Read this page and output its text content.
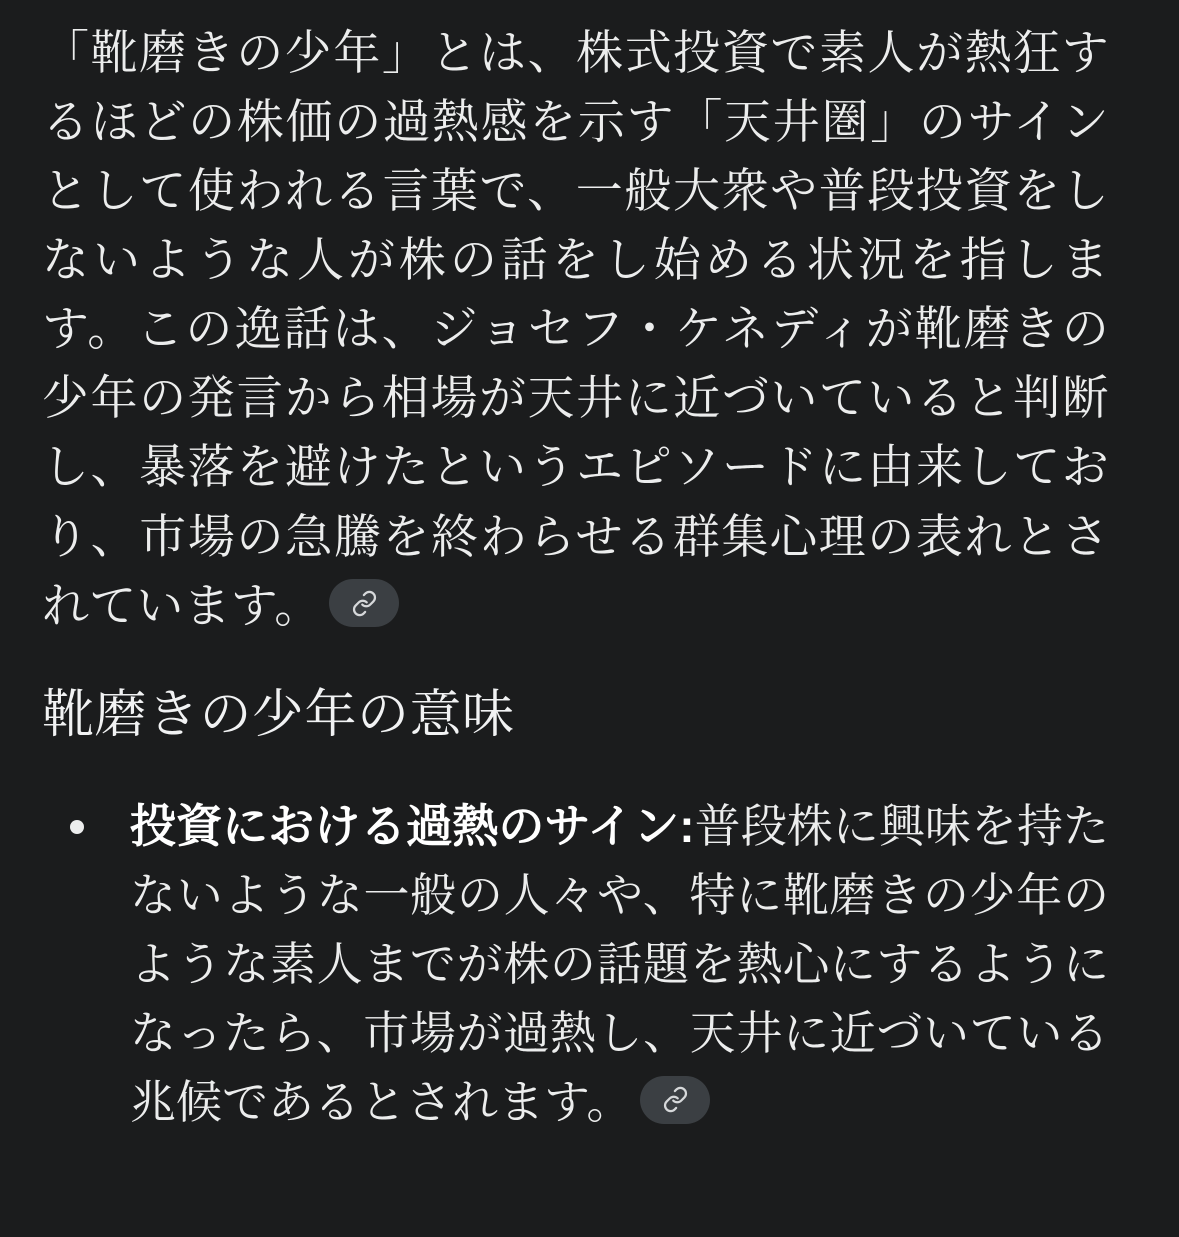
「靴磨きの少年」とは、株式投資で素人が熱狂するほどの株価の過熱感を示す「天井圏」のサインとして使われる言葉で、一般大衆や普段投資をしないような人が株の話をし始める状況を指します。この逸話は、ジョセフ・ケネディが靴磨きの少年の発言から相場が天井に近づいていると判断し、暴落を避けたというエピソードに由来しており、市場の急騰を終わらせる群集心理の表れとされています。

靴磨きの少年の意味
投資における過熱のサイン:普段株に興味を持たないような一般の人々や、特に靴磨きの少年のような素人までが株の話題を熱心にするようになったら、市場が過熱し、天井に近づいている兆候であるとされます。
